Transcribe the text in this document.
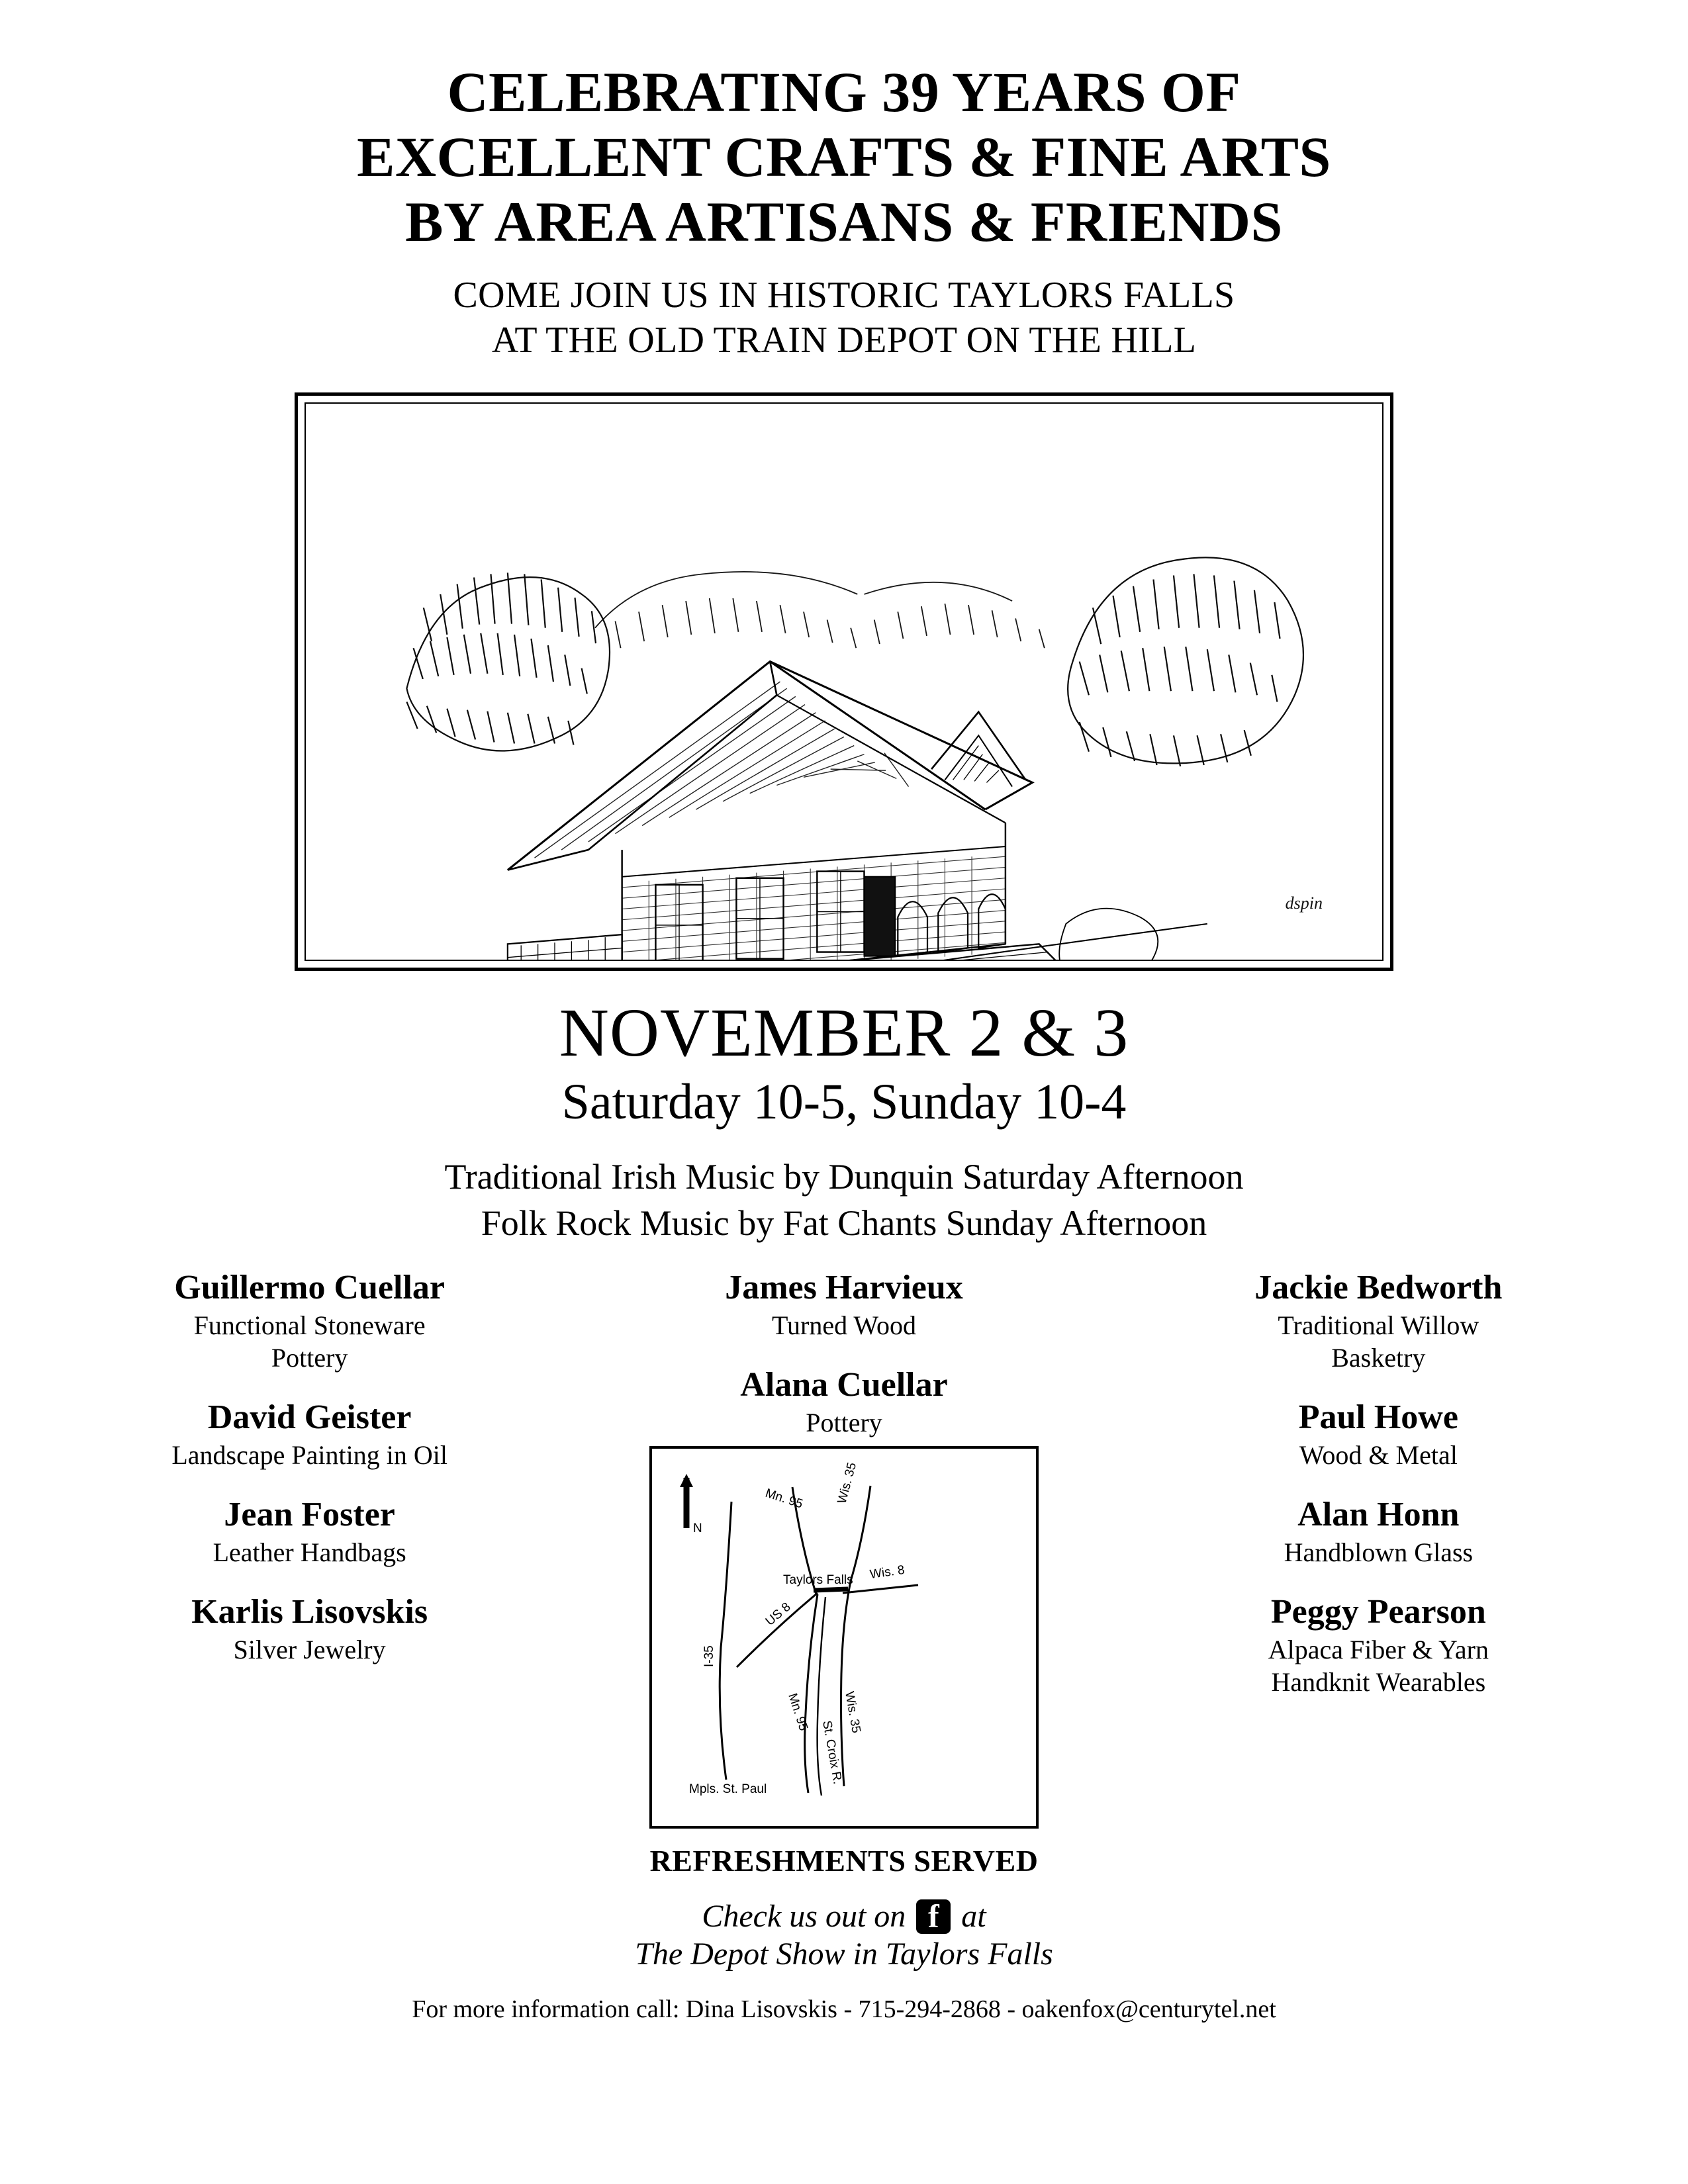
CELEBRATING 39 YEARS OF
EXCELLENT CRAFTS & FINE ARTS
BY AREA ARTISANS & FRIENDS
COME JOIN US IN HISTORIC TAYLORS FALLS
AT THE OLD TRAIN DEPOT ON THE HILL
dspin
NOVEMBER 2 & 3
Saturday 10-5, Sunday 10-4
Traditional Irish Music by Dunquin Saturday Afternoon
Folk Rock Music by Fat Chants Sunday Afternoon
Guillermo Cuellar
Functional Stoneware
Pottery
David Geister
Landscape Painting in Oil
Jean Foster
Leather Handbags
Karlis Lisovskis
Silver Jewelry
James Harvieux
Turned Wood
Alana Cuellar
Pottery
N
Mn. 95 Wis. 35
Taylors Falls Wis. 8
US 8
I-35
Mn. 95	Wis. 35
St. Croix R.
Mpls. St. Paul
Jackie Bedworth
Traditional Willow
Basketry
Paul Howe
Wood & Metal
Alan Honn
Handblown Glass
Peggy Pearson
Alpaca Fiber & Yarn
Handknit Wearables
REFRESHMENTS SERVED
Check us out on f at
The Depot Show in Taylors Falls
For more information call: Dina Lisovskis - 715-294-2868 - oakenfox@centurytel.net
